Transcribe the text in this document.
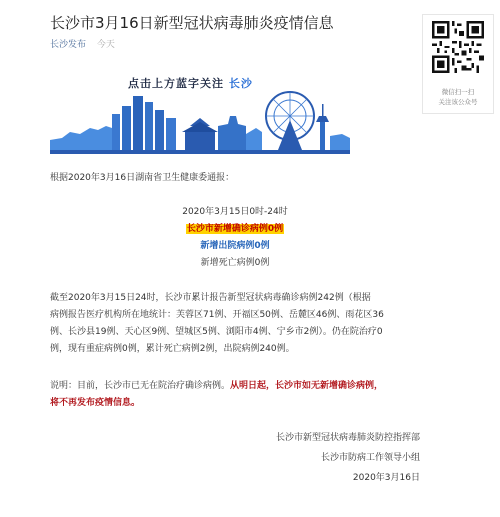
长沙市3月16日新型冠状病毒肺炎疫情信息
长沙发布 今天
微信扫一扫
关注该公众号
点击上方蓝字关注 长沙
根据2020年3月16日湖南省卫生健康委通报：
2020年3月15日0时-24时
长沙市新增确诊病例0例
新增出院病例0例
新增死亡病例0例
截至2020年3月15日24时，长沙市累计报告新型冠状病毒确诊病例242例（根据
病例报告医疗机构所在地统计：芙蓉区71例、开福区50例、岳麓区46例、雨花区36
例、长沙县19例、天心区9例、望城区5例、浏阳市4例、宁乡市2例）。仍在院治疗0
例，现有重症病例0例，累计死亡病例2例，出院病例240例。
说明：目前，长沙市已无在院治疗确诊病例。从明日起，长沙市如无新增确诊病例，
将不再发布疫情信息。
长沙市新型冠状病毒肺炎防控指挥部
长沙市防病工作领导小组
2020年3月16日
